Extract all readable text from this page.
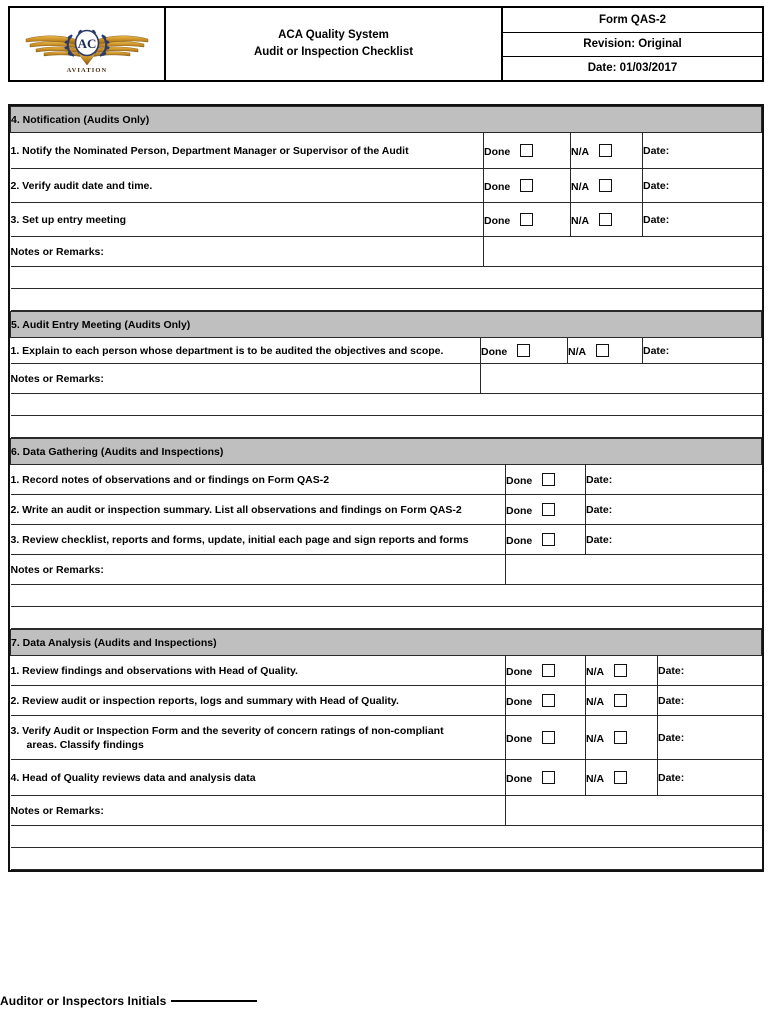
AC
AVIATION

ACA Quality System
Audit or Inspection Checklist

Form QAS-2
Revision: Original
Date: 01/03/2017
4. Notification (Audits Only)			
1. Notify the Nominated Person, Department Manager or Supervisor of the Audit	Done	N/A	Date:
2. Verify audit date and time.	Done	N/A	Date:
3. Set up entry meeting	Done	N/A	Date:
Notes or Remarks:			

5. Audit Entry Meeting (Audits Only)			
1. Explain to each person whose department is to be audited the objectives and scope.	Done	N/A	Date:
Notes or Remarks:			

6. Data Gathering (Audits and Inspections)		
1. Record notes of observations and or findings on Form QAS-2	Done	Date:
2. Write an audit or inspection summary. List all observations and findings on Form QAS-2	Done	Date:
3. Review checklist, reports and forms, update, initial each page and sign reports and forms	Done	Date:
Notes or Remarks:		

7. Data Analysis (Audits and Inspections)			
1. Review findings and observations with Head of Quality.	Done	N/A	Date:
2. Review audit or inspection reports, logs and summary with Head of Quality.	Done	N/A	Date:

3. Verify Audit or Inspection Form and the severity of concern ratings of non-compliant
areas. Classify findings	Done	N/A	Date:
4. Head of Quality reviews data and analysis data	Done	N/A	Date:
Notes or Remarks:			

Auditor or Inspectors Initials
